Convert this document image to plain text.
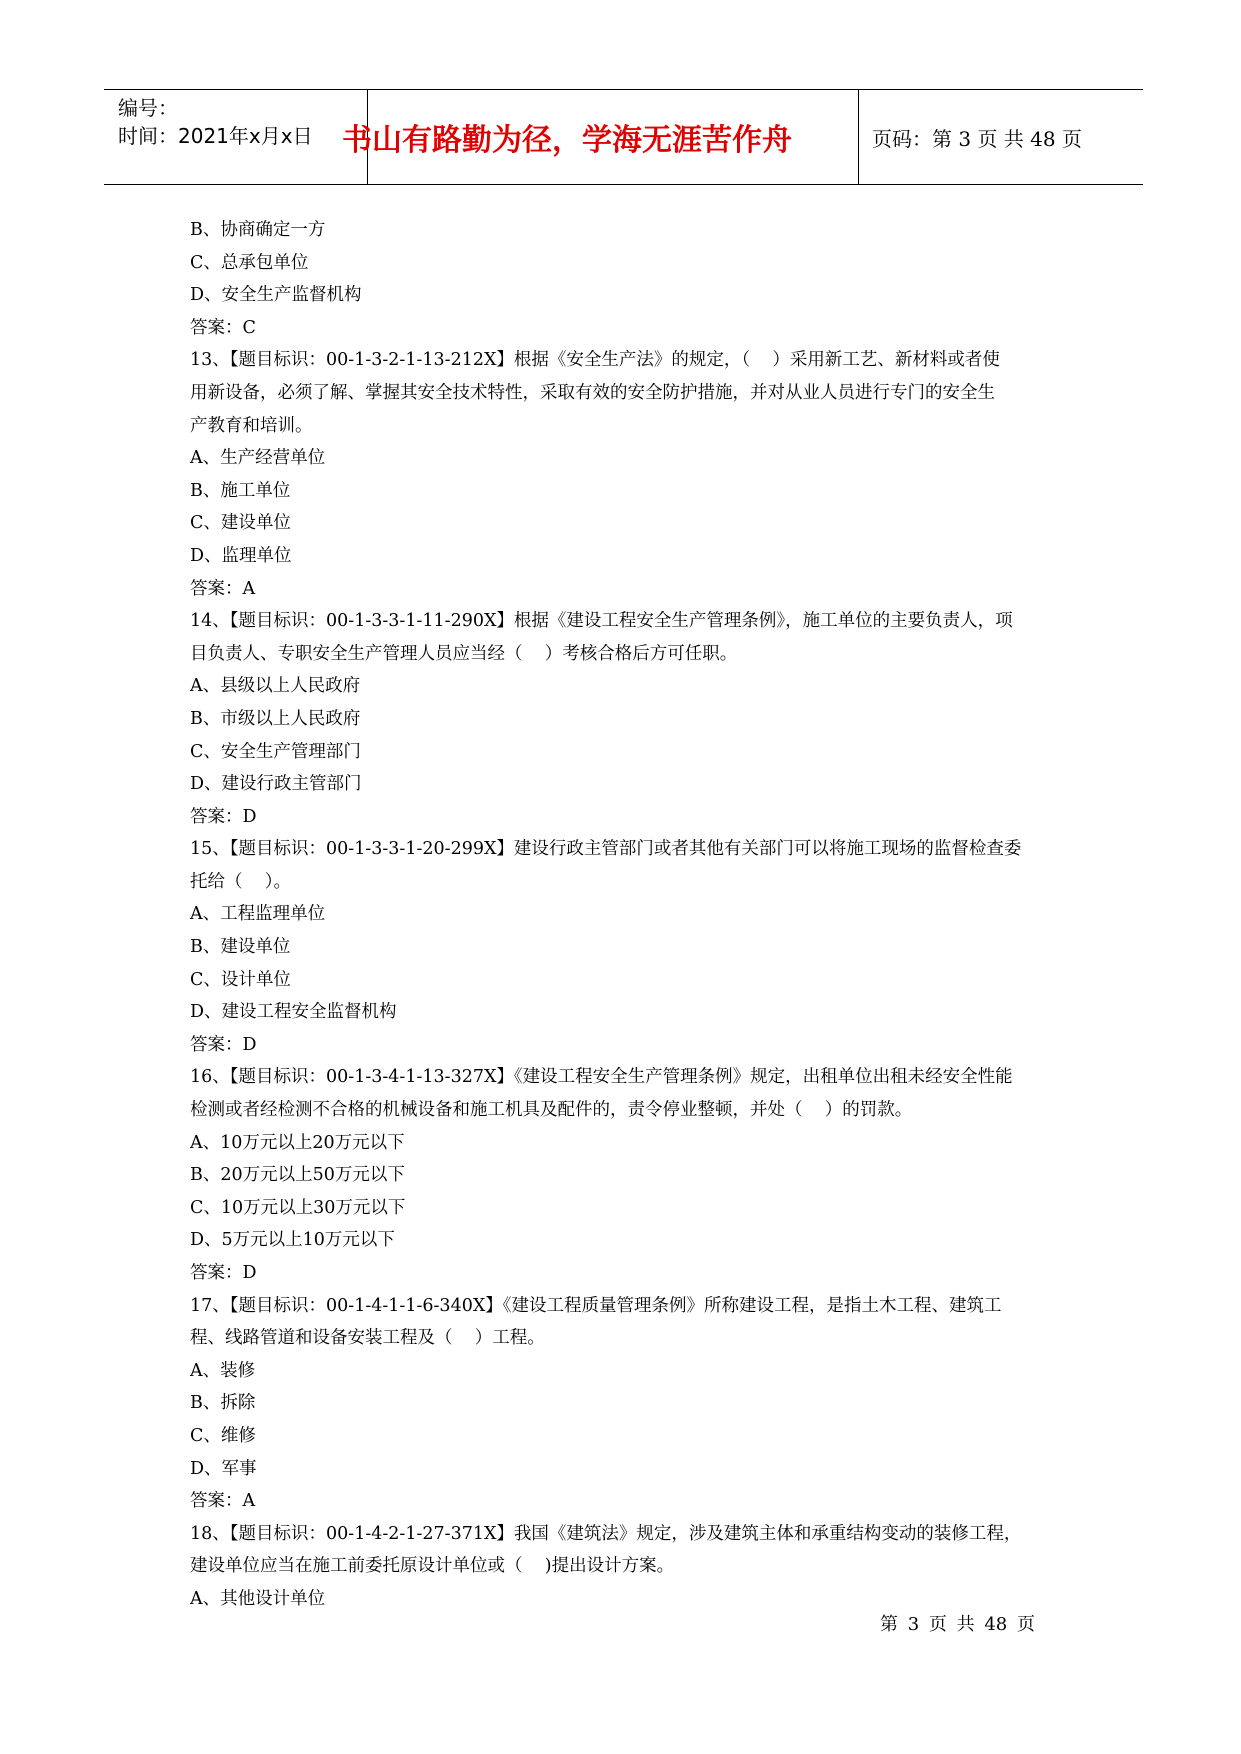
编号：
时间：2021年x月x日 书山有路勤为径，学海无涯苦作舟	页码：第 3 页 共 48 页

B、协商确定一方

C、总承包单位

D、安全生产监督机构

答案：C

13、【题目标识：00-1-3-2-1-13-212X】根据《安全生产法》的规定，（    ）采用新工艺、新材料或者使

用新设备，必须了解、掌握其安全技术特性，采取有效的安全防护措施，并对从业人员进行专门的安全生

产教育和培训。

A、生产经营单位

B、施工单位

C、建设单位

D、监理单位

答案：A

14、【题目标识：00-1-3-3-1-11-290X】根据《建设工程安全生产管理条例》，施工单位的主要负责人，项

目负责人、专职安全生产管理人员应当经（    ）考核合格后方可任职。

A、县级以上人民政府

B、市级以上人民政府

C、安全生产管理部门

D、建设行政主管部门

答案：D

15、【题目标识：00-1-3-3-1-20-299X】建设行政主管部门或者其他有关部门可以将施工现场的监督检查委

托给（    ）。

A、工程监理单位

B、建设单位

C、设计单位

D、建设工程安全监督机构

答案：D

16、【题目标识：00-1-3-4-1-13-327X】《建设工程安全生产管理条例》规定，出租单位出租未经安全性能

检测或者经检测不合格的机械设备和施工机具及配件的，责令停业整顿，并处（    ）的罚款。

A、10万元以上20万元以下

B、20万元以上50万元以下

C、10万元以上30万元以下

D、5万元以上10万元以下

答案：D

17、【题目标识：00-1-4-1-1-6-340X】《建设工程质量管理条例》所称建设工程，是指土木工程、建筑工

程、线路管道和设备安装工程及（    ）工程。

A、装修

B、拆除

C、维修

D、军事

答案：A

18、【题目标识：00-1-4-2-1-27-371X】我国《建筑法》规定，涉及建筑主体和承重结构变动的装修工程，

建设单位应当在施工前委托原设计单位或（    )提出设计方案。

A、其他设计单位

第 3 页 共 48 页
